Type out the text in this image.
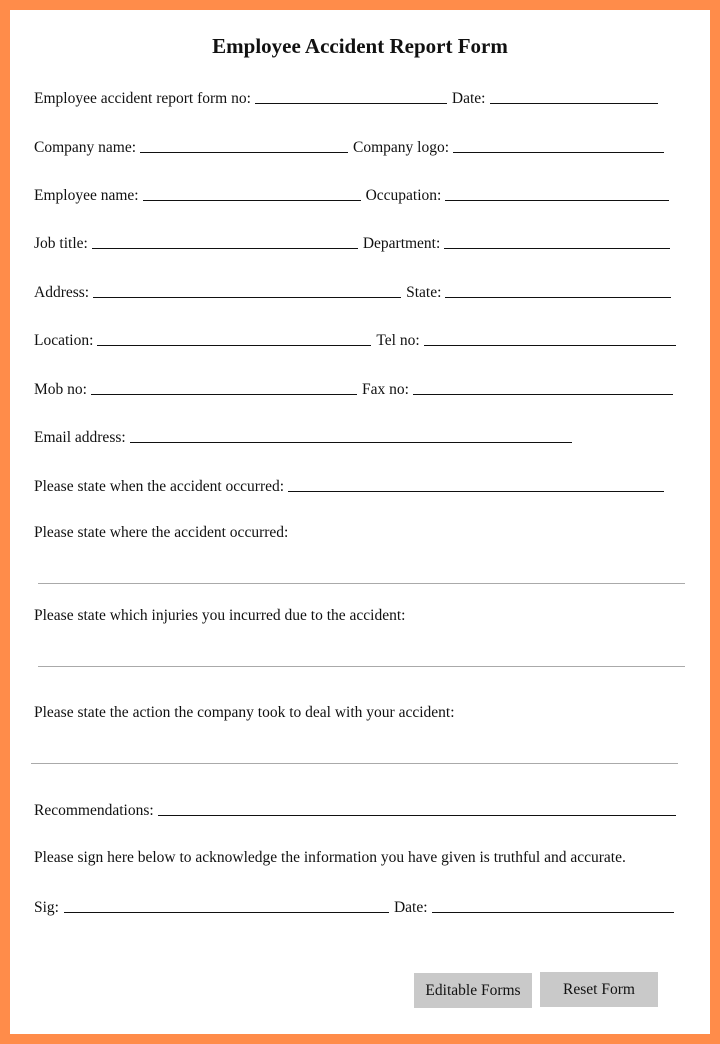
Employee Accident Report Form
Employee accident report form no:	Date:
Company name:	Company logo:
Employee name:	Occupation:
Job title:	Department:
Address:	State:
Location:	Tel no:
Mob no:	Fax no:
Email address:
Please state when the accident occurred:
Please state where the accident occurred:
Please state which injuries you incurred due to the accident:
Please state the action the company took to deal with your accident:
Recommendations:
Please sign here below to acknowledge the information you have given is truthful and accurate.
Sig:	Date:
Editable Forms	Reset Form
